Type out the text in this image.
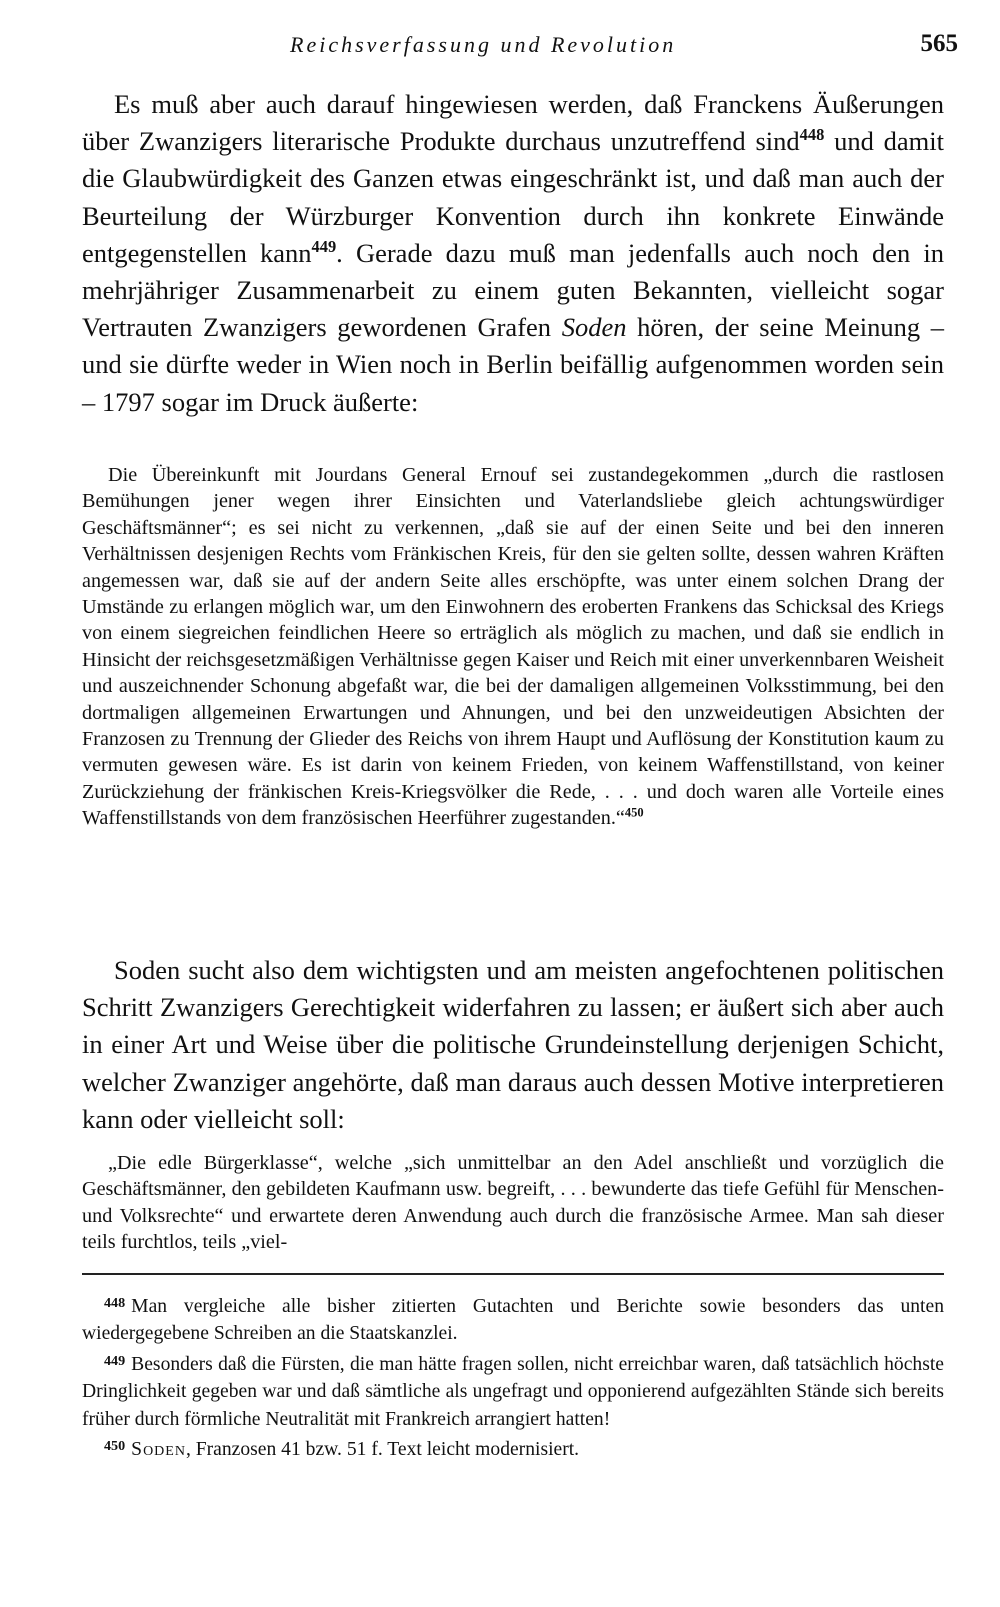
Reichsverfassung und Revolution	565

Es muß aber auch darauf hingewiesen werden, daß Franckens Äußerungen über Zwanzigers literarische Produkte durchaus unzutreffend sind$^{448}$ und damit die Glaubwürdigkeit des Ganzen etwas eingeschränkt ist, und daß man auch der Beurteilung der Würzburger Konvention durch ihn konkrete Einwände entgegenstellen kann$^{449}$. Gerade dazu muß man jedenfalls auch noch den in mehrjähriger Zusammenarbeit zu einem guten Bekannten, vielleicht sogar Vertrauten Zwanzigers gewordenen Grafen Soden hören, der seine Meinung – und sie dürfte weder in Wien noch in Berlin beifällig aufgenommen worden sein – 1797 sogar im Druck äußerte:

Die Übereinkunft mit Jourdans General Ernouf sei zustandegekommen „durch die rastlosen Bemühungen jener wegen ihrer Einsichten und Vaterlandsliebe gleich achtungswürdiger Geschäftsmänner“; es sei nicht zu verkennen, „daß sie auf der einen Seite und bei den inneren Verhältnissen desjenigen Rechts vom Fränkischen Kreis, für den sie gelten sollte, dessen wahren Kräften angemessen war, daß sie auf der andern Seite alles erschöpfte, was unter einem solchen Drang der Umstände zu erlangen möglich war, um den Einwohnern des eroberten Frankens das Schicksal des Kriegs von einem siegreichen feindlichen Heere so erträglich als möglich zu machen, und daß sie endlich in Hinsicht der reichsgesetzmäßigen Verhältnisse gegen Kaiser und Reich mit einer unverkennbaren Weisheit und auszeichnender Schonung abgefaßt war, die bei der damaligen allgemeinen Volksstimmung, bei den dortmaligen allgemeinen Erwartungen und Ahnungen, und bei den unzweideutigen Absichten der Franzosen zu Trennung der Glieder des Reichs von ihrem Haupt und Auflösung der Konstitution kaum zu vermuten gewesen wäre. Es ist darin von keinem Frieden, von keinem Waffenstillstand, von keiner Zurückziehung der fränkischen Kreis-Kriegsvölker die Rede, . . . und doch waren alle Vorteile eines Waffenstillstands von dem französischen Heerführer zugestanden.“$^{450}$

Soden sucht also dem wichtigsten und am meisten angefochtenen politischen Schritt Zwanzigers Gerechtigkeit widerfahren zu lassen; er äußert sich aber auch in einer Art und Weise über die politische Grundeinstellung derjenigen Schicht, welcher Zwanziger angehörte, daß man daraus auch dessen Motive interpretieren kann oder vielleicht soll:

„Die edle Bürgerklasse“, welche „sich unmittelbar an den Adel anschließt und vorzüglich die Geschäftsmänner, den gebildeten Kaufmann usw. begreift, . . . bewunderte das tiefe Gefühl für Menschen- und Volksrechte“ und erwartete deren Anwendung auch durch die französische Armee. Man sah dieser teils furchtlos, teils „viel-

$^{448}$ Man vergleiche alle bisher zitierten Gutachten und Berichte sowie besonders das unten wiedergegebene Schreiben an die Staatskanzlei.

$^{449}$ Besonders daß die Fürsten, die man hätte fragen sollen, nicht erreichbar waren, daß tatsächlich höchste Dringlichkeit gegeben war und daß sämtliche als ungefragt und opponierend aufgezählten Stände sich bereits früher durch förmliche Neutralität mit Frankreich arrangiert hatten!

$^{450}$ Soden, Franzosen 41 bzw. 51 f. Text leicht modernisiert.
